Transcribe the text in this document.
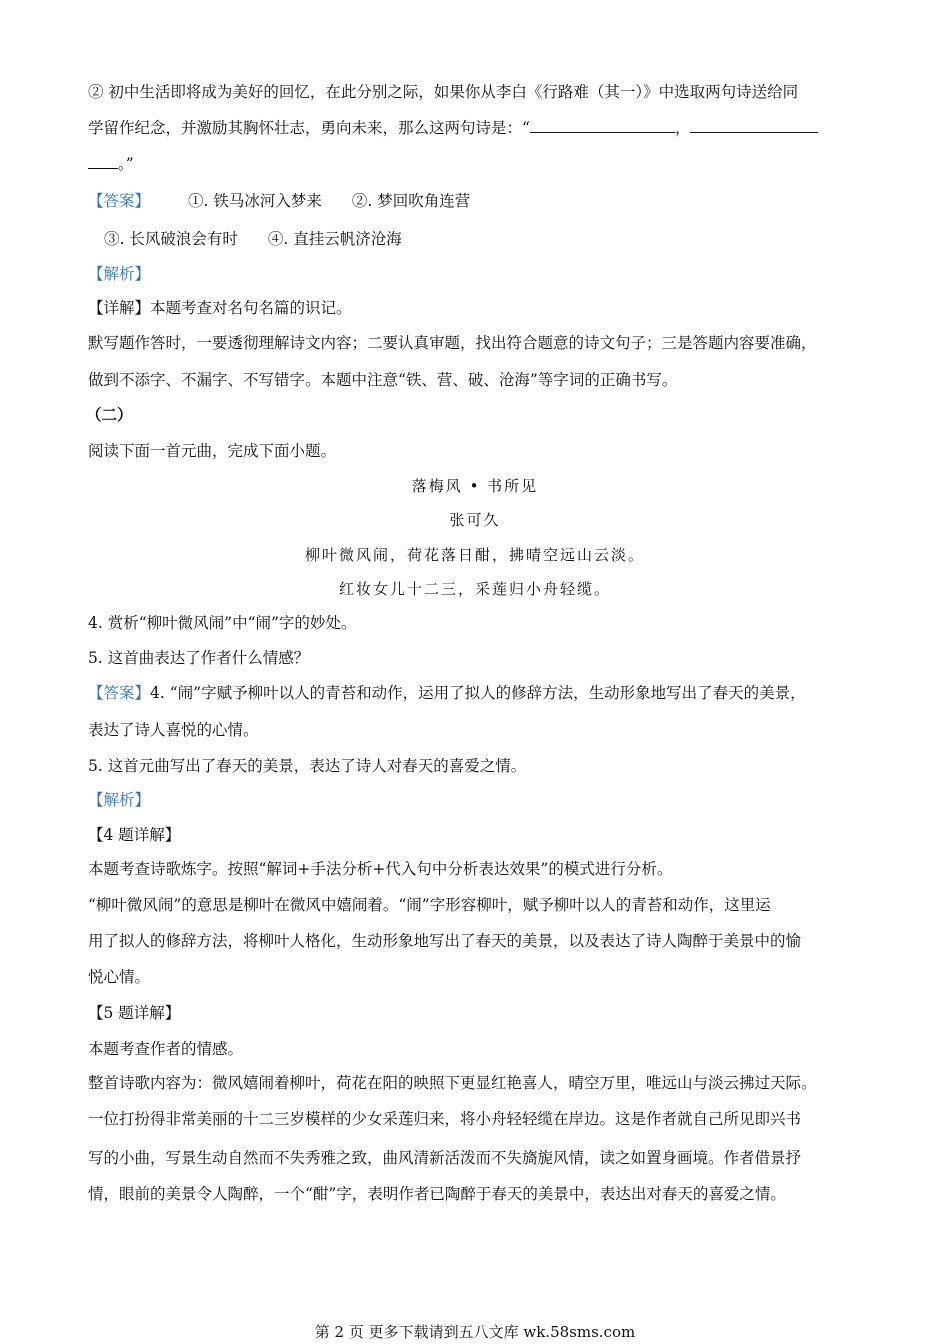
② 初中生活即将成为美好的回忆，在此分别之际，如果你从李白《行路难（其一）》中选取两句诗送给同
学留作纪念，并激励其胸怀壮志，勇向未来，那么这两句诗是：“	，
。”
【答案】 ①. 铁马冰河入梦来 ②. 梦回吹角连营
③. 长风破浪会有时 ④. 直挂云帆济沧海
【解析】
【详解】本题考查对名句名篇的识记。
默写题作答时，一要透彻理解诗文内容；二要认真审题，找出符合题意的诗文句子；三是答题内容要准确，
做到不添字、不漏字、不写错字。本题中注意“铁、营、破、沧海”等字词的正确书写。
（二）
阅读下面一首元曲，完成下面小题。
落梅风 • 书所见
张可久
柳叶微风闹，荷花落日酣，拂晴空远山云淡。
红妆女儿十二三，采莲归小舟轻缆。
4. 赏析“柳叶微风闹”中“闹”字的妙处。
5. 这首曲表达了作者什么情感？
【答案】4. “闹”字赋予柳叶以人的青苔和动作，运用了拟人的修辞方法，生动形象地写出了春天的美景，
表达了诗人喜悦的心情。
5. 这首元曲写出了春天的美景，表达了诗人对春天的喜爱之情。
【解析】
【4 题详解】
本题考查诗歌炼字。按照“解词+手法分析+代入句中分析表达效果”的模式进行分析。
“柳叶微风闹”的意思是柳叶在微风中嬉闹着。“闹”字形容柳叶，赋予柳叶以人的青苔和动作，这里运
用了拟人的修辞方法，将柳叶人格化，生动形象地写出了春天的美景，以及表达了诗人陶醉于美景中的愉
悦心情。
【5 题详解】
本题考查作者的情感。
整首诗歌内容为：微风嬉闹着柳叶，荷花在阳的映照下更显红艳喜人，晴空万里，唯远山与淡云拂过天际。
一位打扮得非常美丽的十二三岁模样的少女采莲归来，将小舟轻轻缆在岸边。这是作者就自己所见即兴书
写的小曲，写景生动自然而不失秀雅之致，曲风清新活泼而不失旖旎风情，读之如置身画境。作者借景抒
情，眼前的美景令人陶醉，一个“酣”字，表明作者已陶醉于春天的美景中，表达出对春天的喜爱之情。
第 2 页 更多下载请到五八文库 wk.58sms.com
